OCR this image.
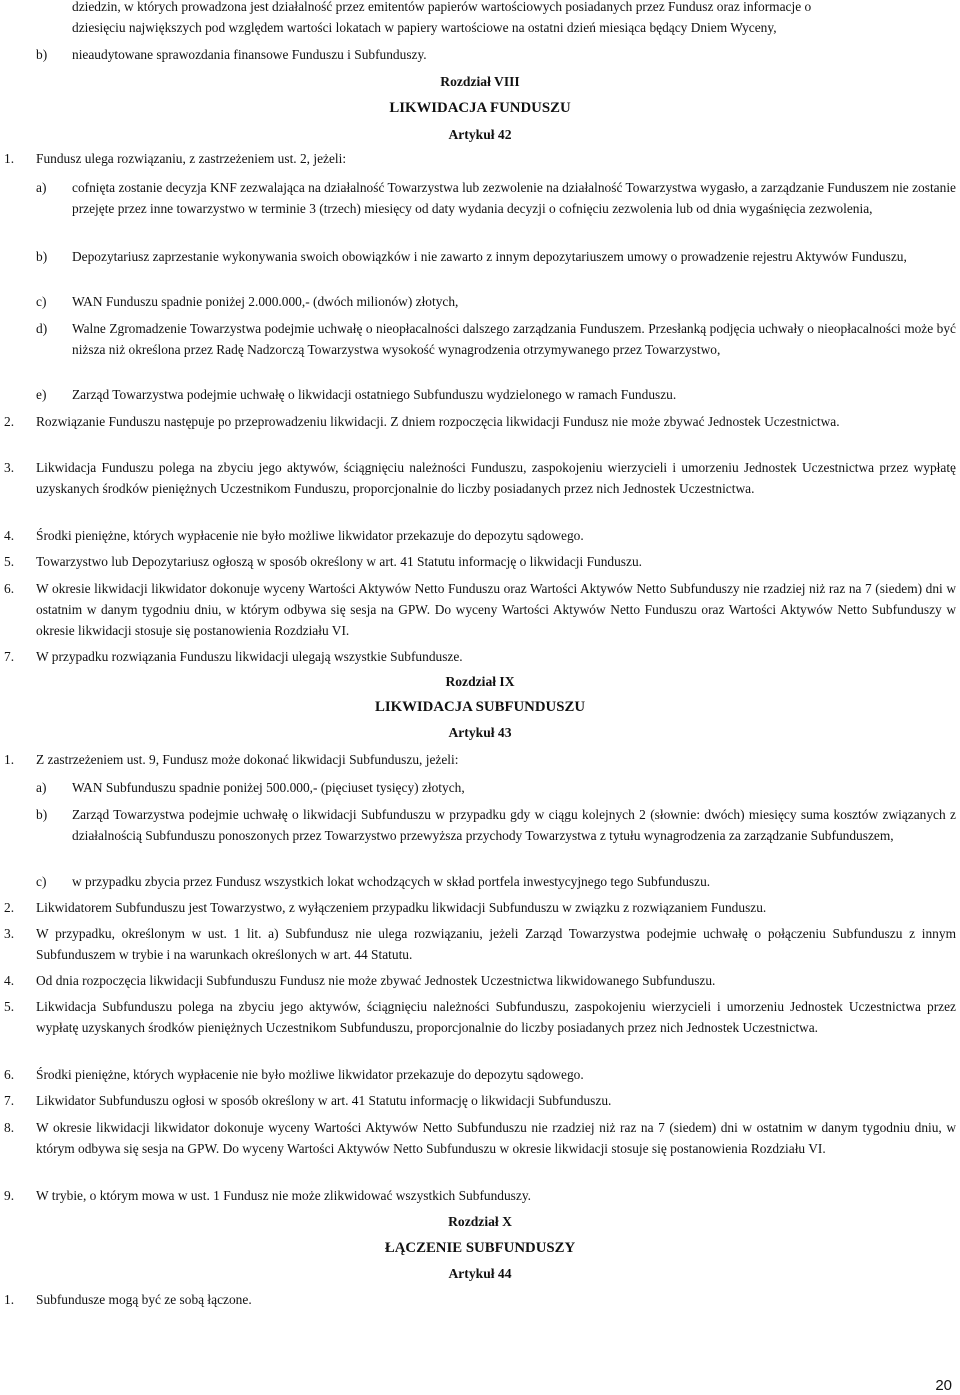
dziedzin, w których prowadzona jest działalność przez emitentów papierów wartościowych posiadanych przez Fundusz oraz informacje o
dziesięciu największych pod względem wartości lokatach w papiery wartościowe na ostatni dzień miesiąca będący Dniem Wyceny,
b) nieaudytowane sprawozdania finansowe Funduszu i Subfunduszy.
Rozdział VIII
LIKWIDACJA FUNDUSZU
Artykuł 42
1. Fundusz ulega rozwiązaniu, z zastrzeżeniem ust. 2, jeżeli:
a) cofnięta zostanie decyzja KNF zezwalająca na działalność Towarzystwa lub zezwolenie na działalność Towarzystwa wygasło, a zarządzanie Funduszem nie zostanie przejęte przez inne towarzystwo w terminie 3 (trzech) miesięcy od daty wydania decyzji o cofnięciu zezwolenia lub od dnia wygaśnięcia zezwolenia,
b) Depozytariusz zaprzestanie wykonywania swoich obowiązków i nie zawarto z innym depozytariuszem umowy o prowadzenie rejestru Aktywów Funduszu,
c) WAN Funduszu spadnie poniżej 2.000.000,- (dwóch milionów) złotych,
d) Walne Zgromadzenie Towarzystwa podejmie uchwałę o nieopłacalności dalszego zarządzania Funduszem. Przesłanką podjęcia uchwały o nieopłacalności może być niższa niż określona przez Radę Nadzorczą Towarzystwa wysokość wynagrodzenia otrzymywanego przez Towarzystwo,
e) Zarząd Towarzystwa podejmie uchwałę o likwidacji ostatniego Subfunduszu wydzielonego w ramach Funduszu.
2. Rozwiązanie Funduszu następuje po przeprowadzeniu likwidacji. Z dniem rozpoczęcia likwidacji Fundusz nie może zbywać Jednostek Uczestnictwa.
3. Likwidacja Funduszu polega na zbyciu jego aktywów, ściągnięciu należności Funduszu, zaspokojeniu wierzycieli i umorzeniu Jednostek Uczestnictwa przez wypłatę uzyskanych środków pieniężnych Uczestnikom Funduszu, proporcjonalnie do liczby posiadanych przez nich Jednostek Uczestnictwa.
4. Środki pieniężne, których wypłacenie nie było możliwe likwidator przekazuje do depozytu sądowego.
5. Towarzystwo lub Depozytariusz ogłoszą w sposób określony w art. 41 Statutu informację o likwidacji Funduszu.
6. W okresie likwidacji likwidator dokonuje wyceny Wartości Aktywów Netto Funduszu oraz Wartości Aktywów Netto Subfunduszy nie rzadziej niż raz na 7 (siedem) dni w ostatnim w danym tygodniu dniu, w którym odbywa się sesja na GPW. Do wyceny Wartości Aktywów Netto Funduszu oraz Wartości Aktywów Netto Subfunduszy w okresie likwidacji stosuje się postanowienia Rozdziału VI.
7. W przypadku rozwiązania Funduszu likwidacji ulegają wszystkie Subfundusze.
Rozdział IX
LIKWIDACJA SUBFUNDUSZU
Artykuł 43
1. Z zastrzeżeniem ust. 9, Fundusz może dokonać likwidacji Subfunduszu, jeżeli:
a) WAN Subfunduszu spadnie poniżej 500.000,- (pięciuset tysięcy) złotych,
b) Zarząd Towarzystwa podejmie uchwałę o likwidacji Subfunduszu w przypadku gdy w ciągu kolejnych 2 (słownie: dwóch) miesięcy suma kosztów związanych z działalnością Subfunduszu ponoszonych przez Towarzystwo przewyższa przychody Towarzystwa z tytułu wynagrodzenia za zarządzanie Subfunduszem,
c) w przypadku zbycia przez Fundusz wszystkich lokat wchodzących w skład portfela inwestycyjnego tego Subfunduszu.
2. Likwidatorem Subfunduszu jest Towarzystwo, z wyłączeniem przypadku likwidacji Subfunduszu w związku z rozwiązaniem Funduszu.
3. W przypadku, określonym w ust. 1 lit. a) Subfundusz nie ulega rozwiązaniu, jeżeli Zarząd Towarzystwa podejmie uchwałę o połączeniu Subfunduszu z innym Subfunduszem w trybie i na warunkach określonych w art. 44 Statutu.
4. Od dnia rozpoczęcia likwidacji Subfunduszu Fundusz nie może zbywać Jednostek Uczestnictwa likwidowanego Subfunduszu.
5. Likwidacja Subfunduszu polega na zbyciu jego aktywów, ściągnięciu należności Subfunduszu, zaspokojeniu wierzycieli i umorzeniu Jednostek Uczestnictwa przez wypłatę uzyskanych środków pieniężnych Uczestnikom Subfunduszu, proporcjonalnie do liczby posiadanych przez nich Jednostek Uczestnictwa.
6. Środki pieniężne, których wypłacenie nie było możliwe likwidator przekazuje do depozytu sądowego.
7. Likwidator Subfunduszu ogłosi w sposób określony w art. 41 Statutu informację o likwidacji Subfunduszu.
8. W okresie likwidacji likwidator dokonuje wyceny Wartości Aktywów Netto Subfunduszu nie rzadziej niż raz na 7 (siedem) dni w ostatnim w danym tygodniu dniu, w którym odbywa się sesja na GPW. Do wyceny Wartości Aktywów Netto Subfunduszu w okresie likwidacji stosuje się postanowienia Rozdziału VI.
9. W trybie, o którym mowa w ust. 1 Fundusz nie może zlikwidować wszystkich Subfunduszy.
Rozdział X
ŁĄCZENIE SUBFUNDUSZY
Artykuł 44
1. Subfundusze mogą być ze sobą łączone.
20
